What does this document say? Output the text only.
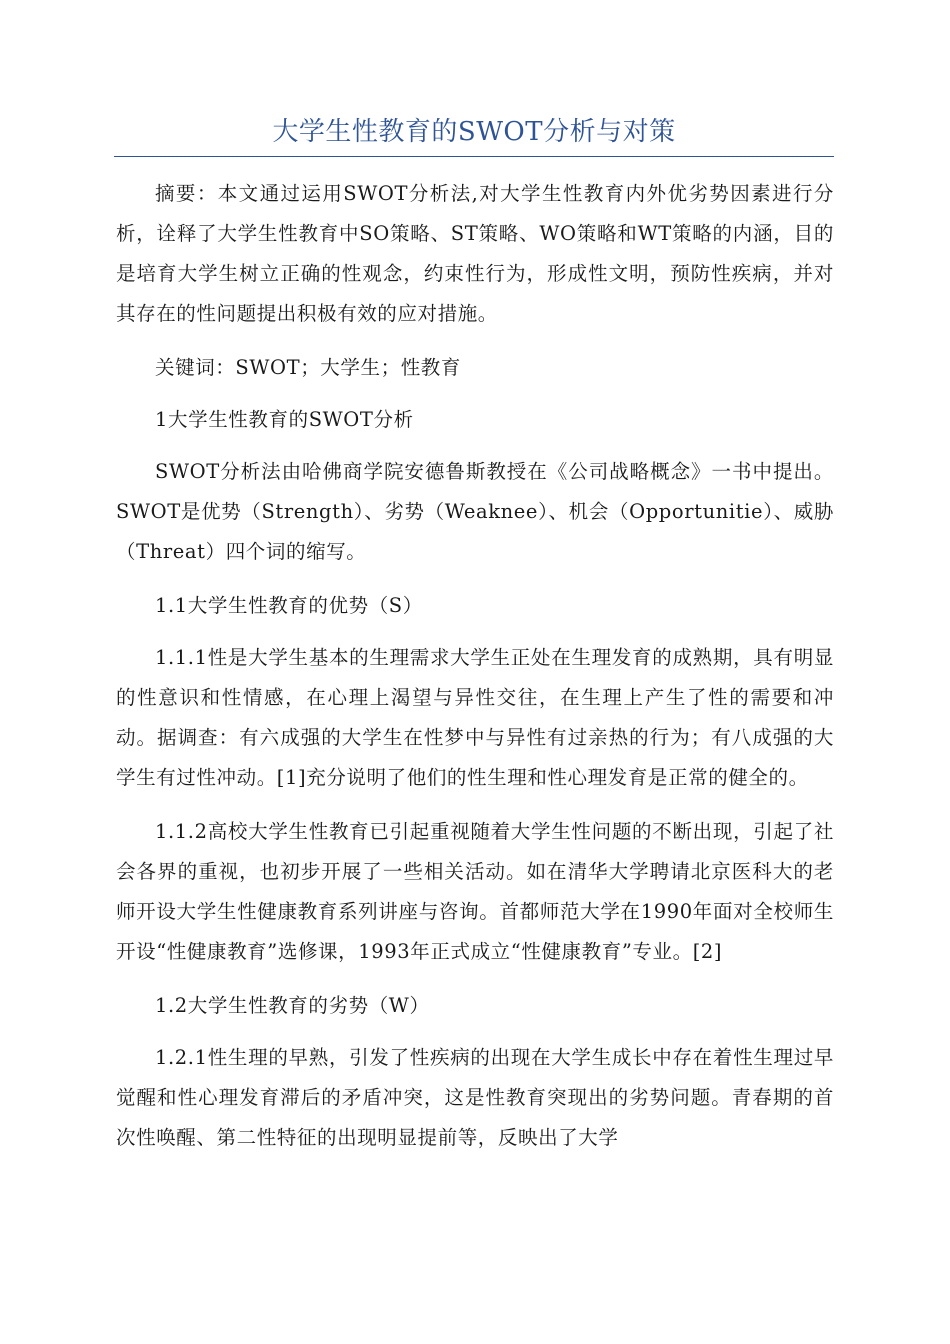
大学生性教育的SWOT分析与对策

摘要：本文通过运用SWOT分析法,对大学生性教育内外优劣势因素进行分析，诠释了大学生性教育中SO策略、ST策略、WO策略和WT策略的内涵，目的是培育大学生树立正确的性观念，约束性行为，形成性文明，预防性疾病，并对其存在的性问题提出积极有效的应对措施。

关键词：SWOT；大学生；性教育

1大学生性教育的SWOT分析

SWOT分析法由哈佛商学院安德鲁斯教授在《公司战略概念》一书中提出。SWOT是优势（Strength）、劣势（Weaknee）、机会（Opportunitie）、威胁（Threat）四个词的缩写。

1.1大学生性教育的优势（S）

1.1.1性是大学生基本的生理需求大学生正处在生理发育的成熟期，具有明显的性意识和性情感，在心理上渴望与异性交往，在生理上产生了性的需要和冲动。据调查：有六成强的大学生在性梦中与异性有过亲热的行为；有八成强的大学生有过性冲动。[1]充分说明了他们的性生理和性心理发育是正常的健全的。

1.1.2高校大学生性教育已引起重视随着大学生性问题的不断出现，引起了社会各界的重视，也初步开展了一些相关活动。如在清华大学聘请北京医科大的老师开设大学生性健康教育系列讲座与咨询。首都师范大学在1990年面对全校师生开设“性健康教育”选修课，1993年正式成立“性健康教育”专业。[2]

1.2大学生性教育的劣势（W）

1.2.1性生理的早熟，引发了性疾病的出现在大学生成长中存在着性生理过早觉醒和性心理发育滞后的矛盾冲突，这是性教育突现出的劣势问题。青春期的首次性唤醒、第二性特征的出现明显提前等，反映出了大学
